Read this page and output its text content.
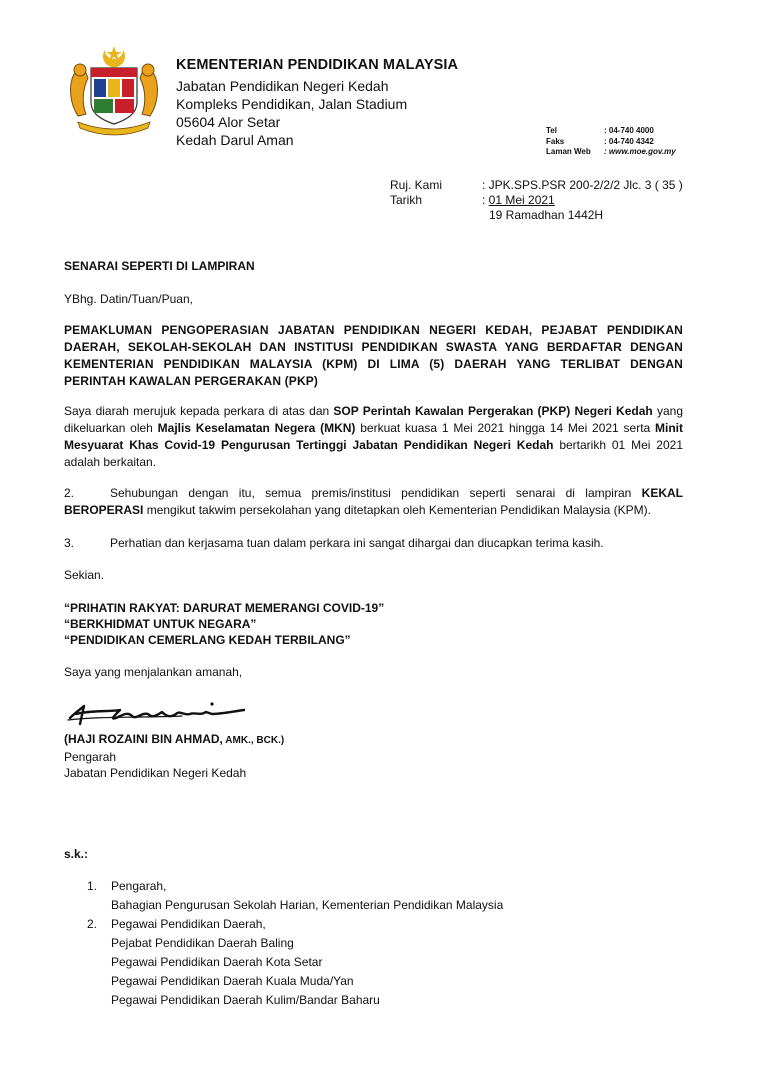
KEMENTERIAN PENDIDIKAN MALAYSIA
Jabatan Pendidikan Negeri Kedah
Kompleks Pendidikan, Jalan Stadium
05604 Alor Setar
Kedah Darul Aman
Tel	: 04-740 4000
Faks	: 04-740 4342
Laman Web	: www.moe.gov.my
Ruj. Kami	: JPK.SPS.PSR 200-2/2/2 Jlc. 3 ( 35 )
Tarikh	: 01 Mei 2021
19 Ramadhan 1442H
SENARAI SEPERTI DI LAMPIRAN
YBhg. Datin/Tuan/Puan,
PEMAKLUMAN PENGOPERASIAN JABATAN PENDIDIKAN NEGERI KEDAH, PEJABAT PENDIDIKAN DAERAH, SEKOLAH-SEKOLAH DAN INSTITUSI PENDIDIKAN SWASTA YANG BERDAFTAR DENGAN KEMENTERIAN PENDIDIKAN MALAYSIA (KPM) DI LIMA (5) DAERAH YANG TERLIBAT DENGAN PERINTAH KAWALAN PERGERAKAN (PKP)
Saya diarah merujuk kepada perkara di atas dan SOP Perintah Kawalan Pergerakan (PKP) Negeri Kedah yang dikeluarkan oleh Majlis Keselamatan Negera (MKN) berkuat kuasa 1 Mei 2021 hingga 14 Mei 2021 serta Minit Mesyuarat Khas Covid-19 Pengurusan Tertinggi Jabatan Pendidikan Negeri Kedah bertarikh 01 Mei 2021 adalah berkaitan.
2.	Sehubungan dengan itu, semua premis/institusi pendidikan seperti senarai di lampiran KEKAL BEROPERASI mengikut takwim persekolahan yang ditetapkan oleh Kementerian Pendidikan Malaysia (KPM).
3.	Perhatian dan kerjasama tuan dalam perkara ini sangat dihargai dan diucapkan terima kasih.
Sekian.
“PRIHATIN RAKYAT: DARURAT MEMERANGI COVID-19”
“BERKHIDMAT UNTUK NEGARA”
“PENDIDIKAN CEMERLANG KEDAH TERBILANG”
Saya yang menjalankan amanah,
(HAJI ROZAINI BIN AHMAD, AMK., BCK.)
Pengarah
Jabatan Pendidikan Negeri Kedah
s.k.:
1.	Pengarah,
Bahagian Pengurusan Sekolah Harian, Kementerian Pendidikan Malaysia
2.	Pegawai Pendidikan Daerah,
Pejabat Pendidikan Daerah Baling
Pegawai Pendidikan Daerah Kota Setar
Pegawai Pendidikan Daerah Kuala Muda/Yan
Pegawai Pendidikan Daerah Kulim/Bandar Baharu
